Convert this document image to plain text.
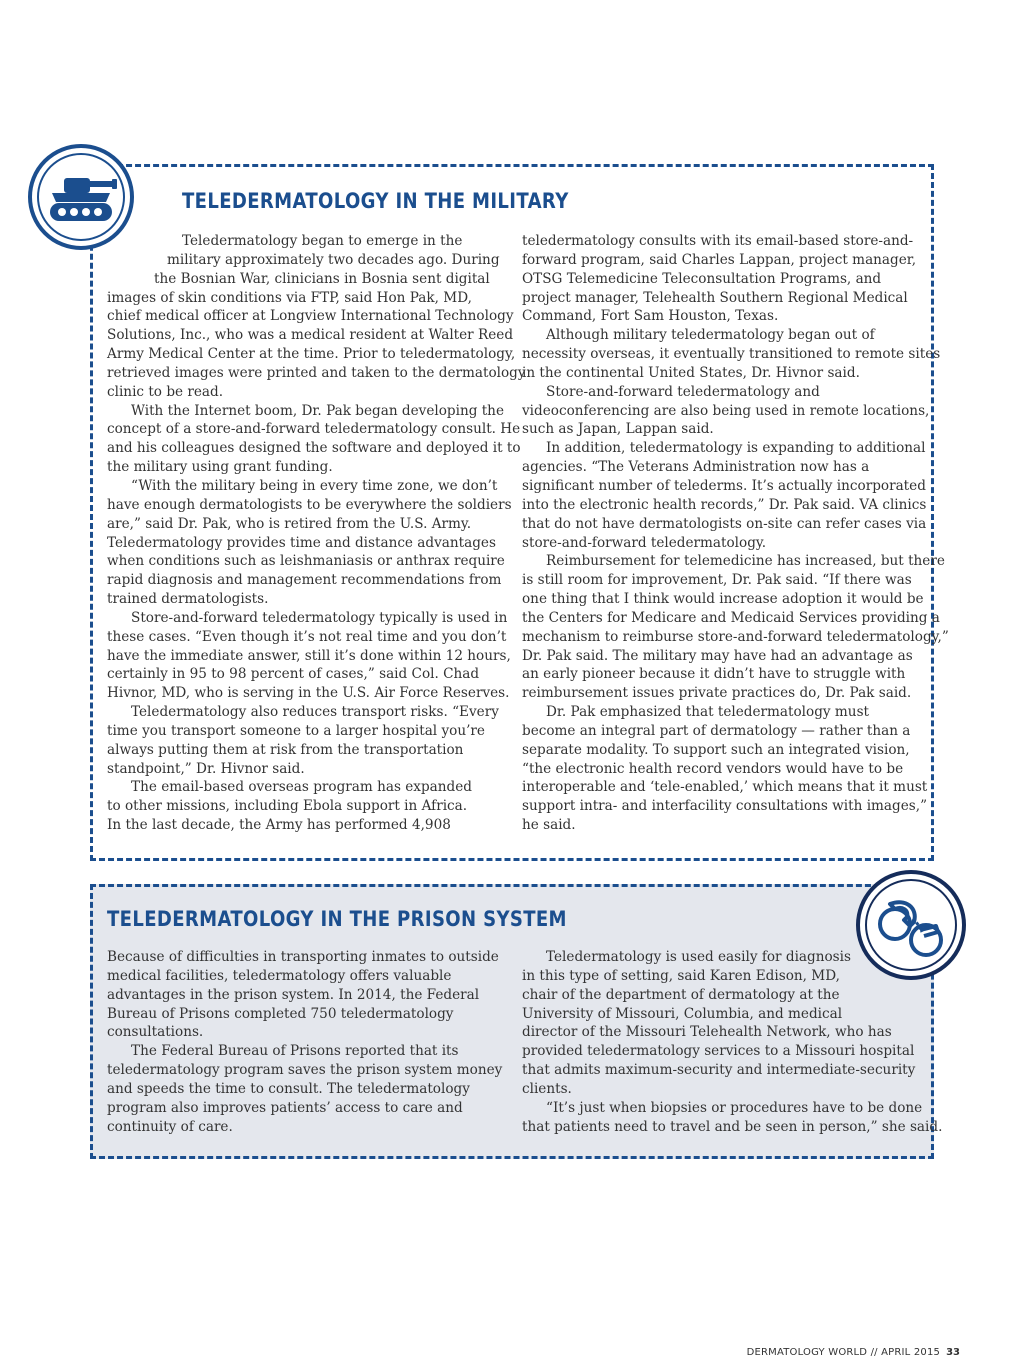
TELEDERMATOLOGY IN THE MILITARY

Teledermatology began to emerge in the
military approximately two decades ago. During
the Bosnian War, clinicians in Bosnia sent digital
images of skin conditions via FTP, said Hon Pak, MD,
chief medical officer at Longview International Technology
Solutions, Inc., who was a medical resident at Walter Reed
Army Medical Center at the time. Prior to teledermatology,
retrieved images were printed and taken to the dermatology
clinic to be read.

With the Internet boom, Dr. Pak began developing the
concept of a store-and-forward teledermatology consult. He
and his colleagues designed the software and deployed it to
the military using grant funding.

“With the military being in every time zone, we don’t
have enough dermatologists to be everywhere the soldiers
are,” said Dr. Pak, who is retired from the U.S. Army.
Teledermatology provides time and distance advantages
when conditions such as leishmaniasis or anthrax require
rapid diagnosis and management recommendations from
trained dermatologists.

Store-and-forward teledermatology typically is used in
these cases. “Even though it’s not real time and you don’t
have the immediate answer, still it’s done within 12 hours,
certainly in 95 to 98 percent of cases,” said Col. Chad
Hivnor, MD, who is serving in the U.S. Air Force Reserves.

Teledermatology also reduces transport risks. “Every
time you transport someone to a larger hospital you’re
always putting them at risk from the transportation
standpoint,” Dr. Hivnor said.

The email-based overseas program has expanded
to other missions, including Ebola support in Africa.
In the last decade, the Army has performed 4,908

teledermatology consults with its email-based store-and-
forward program, said Charles Lappan, project manager,
OTSG Telemedicine Teleconsultation Programs, and
project manager, Telehealth Southern Regional Medical
Command, Fort Sam Houston, Texas.

Although military teledermatology began out of
necessity overseas, it eventually transitioned to remote sites
in the continental United States, Dr. Hivnor said.

Store-and-forward teledermatology and
videoconferencing are also being used in remote locations,
such as Japan, Lappan said.

In addition, teledermatology is expanding to additional
agencies. “The Veterans Administration now has a
significant number of telederms. It’s actually incorporated
into the electronic health records,” Dr. Pak said. VA clinics
that do not have dermatologists on-site can refer cases via
store-and-forward teledermatology.

Reimbursement for telemedicine has increased, but there
is still room for improvement, Dr. Pak said. “If there was
one thing that I think would increase adoption it would be
the Centers for Medicare and Medicaid Services providing a
mechanism to reimburse store-and-forward teledermatology,”
Dr. Pak said. The military may have had an advantage as
an early pioneer because it didn’t have to struggle with
reimbursement issues private practices do, Dr. Pak said.

Dr. Pak emphasized that teledermatology must
become an integral part of dermatology — rather than a
separate modality. To support such an integrated vision,
“the electronic health record vendors would have to be
interoperable and ‘tele-enabled,’ which means that it must
support intra- and interfacility consultations with images,”
he said.

TELEDERMATOLOGY IN THE PRISON SYSTEM

Because of difficulties in transporting inmates to outside
medical facilities, teledermatology offers valuable
advantages in the prison system. In 2014, the Federal
Bureau of Prisons completed 750 teledermatology
consultations.

The Federal Bureau of Prisons reported that its
teledermatology program saves the prison system money
and speeds the time to consult. The teledermatology
program also improves patients’ access to care and
continuity of care.

Teledermatology is used easily for diagnosis
in this type of setting, said Karen Edison, MD,
chair of the department of dermatology at the
University of Missouri, Columbia, and medical
director of the Missouri Telehealth Network, who has
provided teledermatology services to a Missouri hospital
that admits maximum-security and intermediate-security
clients.

“It’s just when biopsies or procedures have to be done
that patients need to travel and be seen in person,” she said.

DERMATOLOGY WORLD // APRIL 2015 33
